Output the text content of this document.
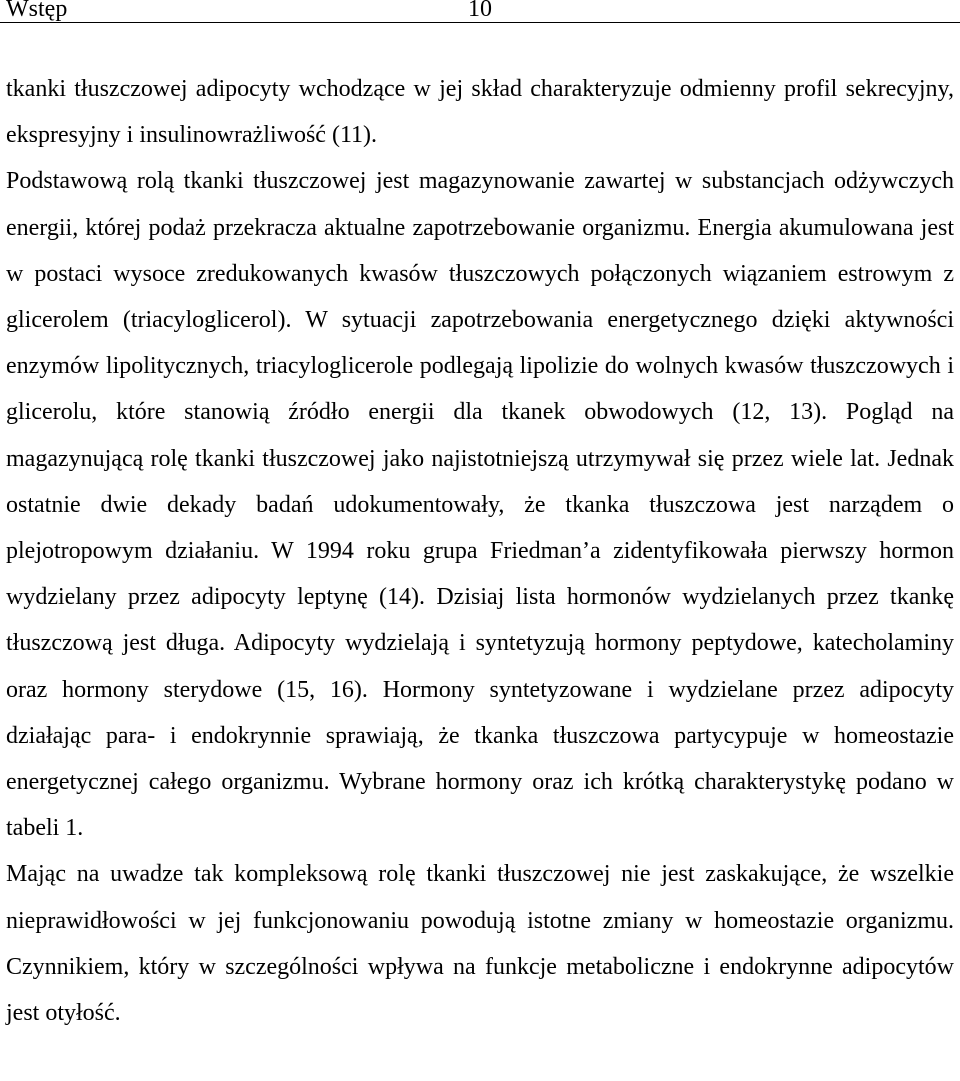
Wstęp	10

tkanki tłuszczowej adipocyty wchodzące w jej skład charakteryzuje odmienny profil sekrecyjny, ekspresyjny i insulinowrażliwość (11).

Podstawową rolą tkanki tłuszczowej jest magazynowanie zawartej w substancjach odżywczych energii, której podaż przekracza aktualne zapotrzebowanie organizmu. Energia akumulowana jest w postaci wysoce zredukowanych kwasów tłuszczowych połączonych wiązaniem estrowym z glicerolem (triacyloglicerol). W sytuacji zapotrzebowania energetycznego dzięki aktywności enzymów lipolitycznych, triacyloglicerole podlegają lipolizie do wolnych kwasów tłuszczowych i glicerolu, które stanowią źródło energii dla tkanek obwodowych (12, 13). Pogląd na magazynującą rolę tkanki tłuszczowej jako najistotniejszą utrzymywał się przez wiele lat. Jednak ostatnie dwie dekady badań udokumentowały, że tkanka tłuszczowa jest narządem o plejotropowym działaniu. W 1994 roku grupa Friedman’a zidentyfikowała pierwszy hormon wydzielany przez adipocyty leptynę (14). Dzisiaj lista hormonów wydzielanych przez tkankę tłuszczową jest długa. Adipocyty wydzielają i syntetyzują hormony peptydowe, katecholaminy oraz hormony sterydowe (15, 16). Hormony syntetyzowane i wydzielane przez adipocyty działając para- i endokrynnie sprawiają, że tkanka tłuszczowa partycypuje w homeostazie energetycznej całego organizmu. Wybrane hormony oraz ich krótką charakterystykę podano w tabeli 1.

Mając na uwadze tak kompleksową rolę tkanki tłuszczowej nie jest zaskakujące, że wszelkie nieprawidłowości w jej funkcjonowaniu powodują istotne zmiany w homeostazie organizmu. Czynnikiem, który w szczególności wpływa na funkcje metaboliczne i endokrynne adipocytów jest otyłość.
